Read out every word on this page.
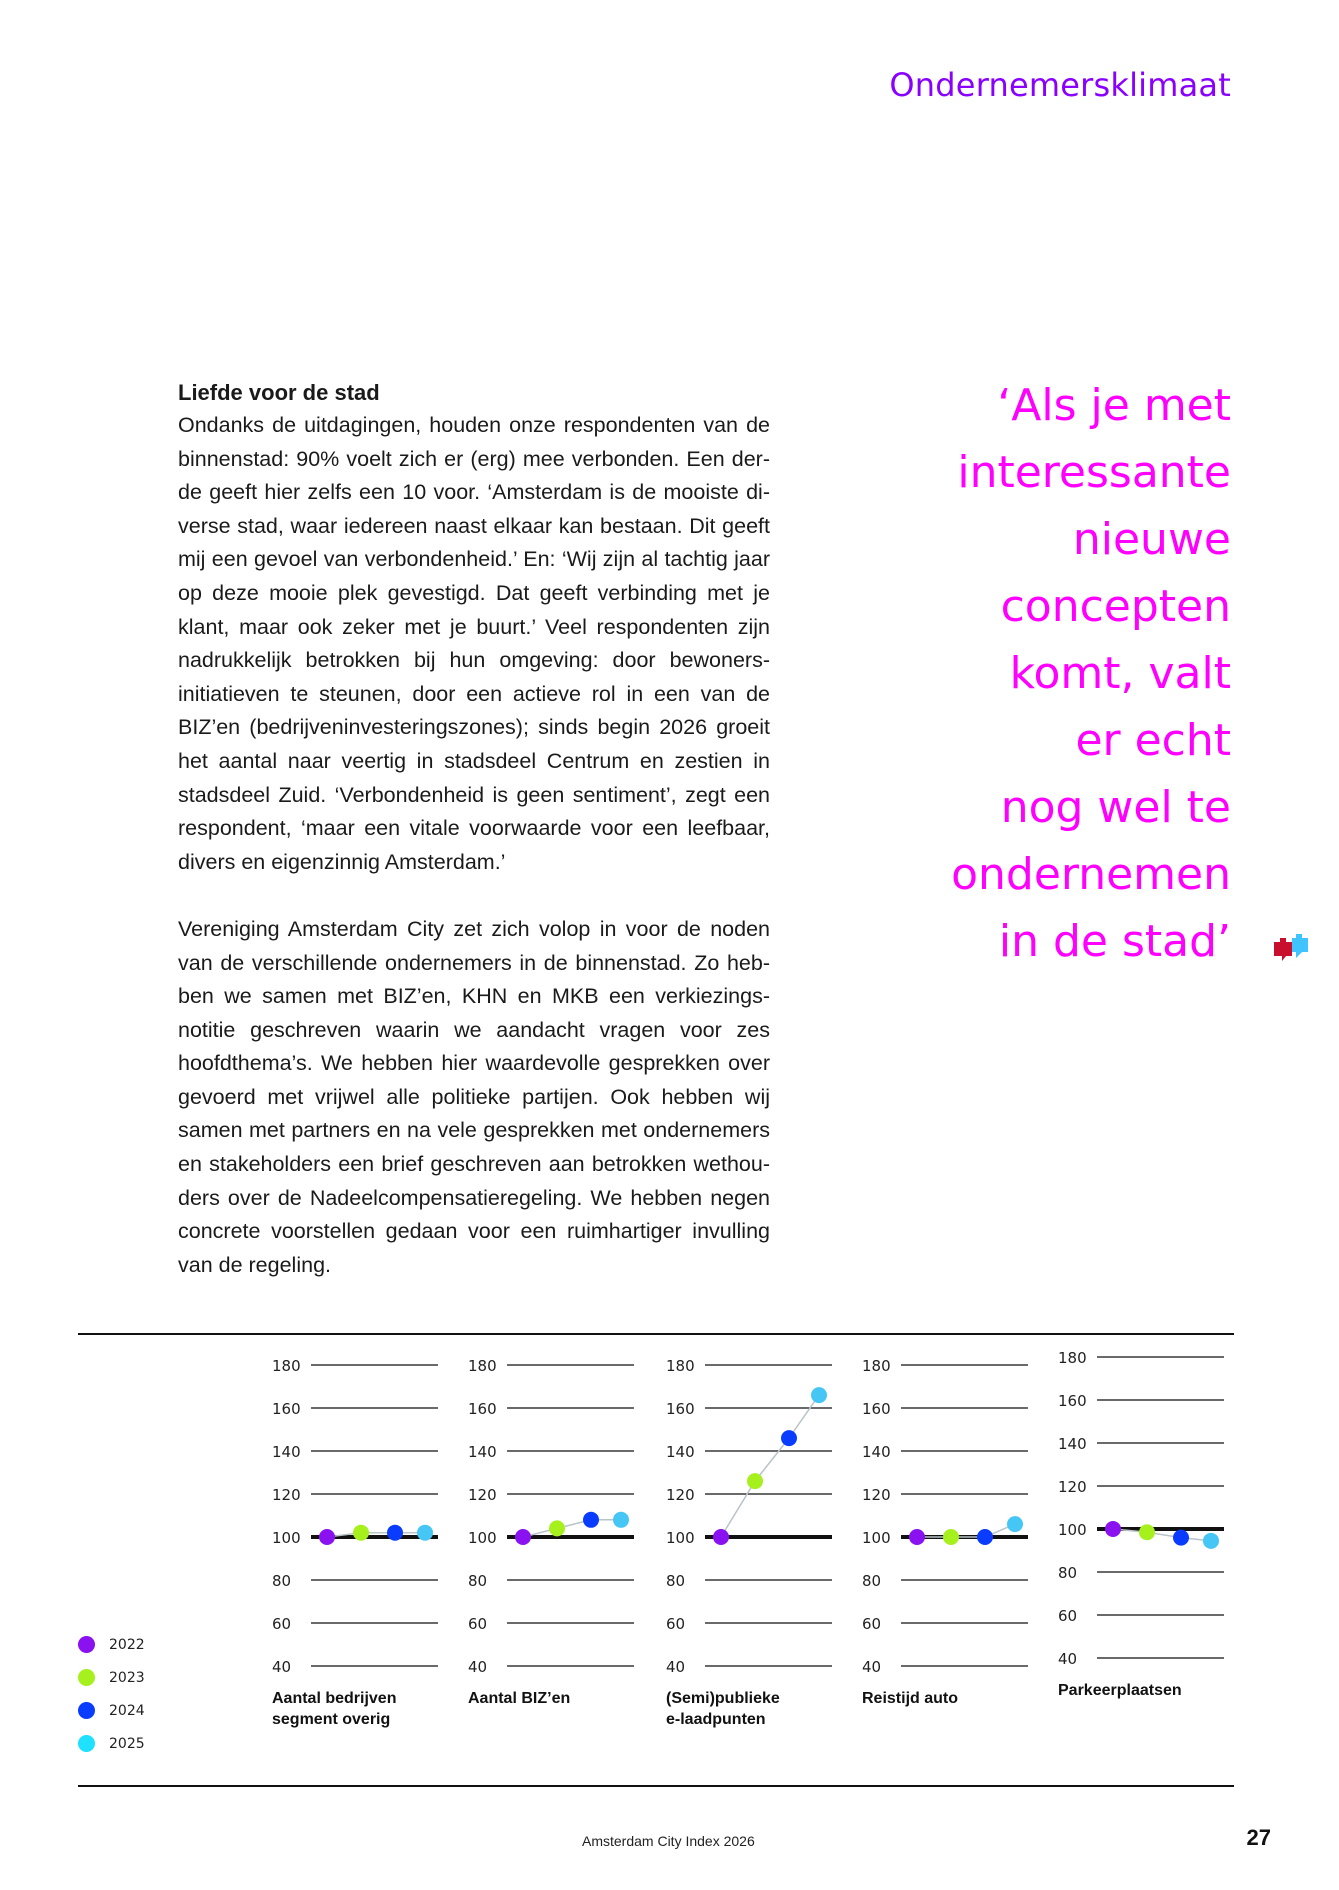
Ondernemersklimaat
Liefde voor de stad

Ondanks de uitdagingen, houden onze respondenten van de binnenstad: 90% voelt zich er (erg) mee verbonden. Een derde geeft hier zelfs een 10 voor. ‘Amsterdam is de mooiste diverse stad, waar iedereen naast elkaar kan bestaan. Dit geeft mij een gevoel van verbondenheid.’ En: ‘Wij zijn al tachtig jaar op deze mooie plek gevestigd. Dat geeft verbinding met je klant, maar ook zeker met je buurt.’ Veel respondenten zijn nadrukkelijk betrokken bij hun omgeving: door bewonersinitiatieven te steunen, door een actieve rol in een van de BIZ’en (bedrijveninvesteringszones); sinds begin 2026 groeit het aantal naar veertig in stadsdeel Centrum en zestien in stadsdeel Zuid. ‘Verbondenheid is geen sentiment’, zegt een respondent, ‘maar een vitale voorwaarde voor een leefbaar, divers en eigenzinnig Amsterdam.’

Vereniging Amsterdam City zet zich volop in voor de noden van de verschillende ondernemers in de binnenstad. Zo hebben we samen met BIZ’en, KHN en MKB een verkiezingsnotitie geschreven waarin we aandacht vragen voor zes hoofdthema’s. We hebben hier waardevolle gesprekken over gevoerd met vrijwel alle politieke partijen. Ook hebben wij samen met partners en na vele gesprekken met ondernemers en stakeholders een brief geschreven aan betrokken wethouders over de Nadeelcompensatieregeling. We hebben negen concrete voorstellen gedaan voor een ruimhartiger invulling van de regeling.

‘Als je met
interessante
nieuwe
concepten
komt, valt
er echt
nog wel te
ondernemen
in de stad’
2022
2023
2024
2025
180
160
140
120
100
80
60
40
Aantal bedrijven
segment overig
180
160
140
120
100
80
60
40
Aantal BIZ’en
180
160
140
120
100
80
60
40
(Semi)publieke
e-laadpunten
180
160
140
120
100
80
60
40
Reistijd auto
180
160
140
120
100
80
60
40
Parkeerplaatsen
Amsterdam City Index 2026	27
